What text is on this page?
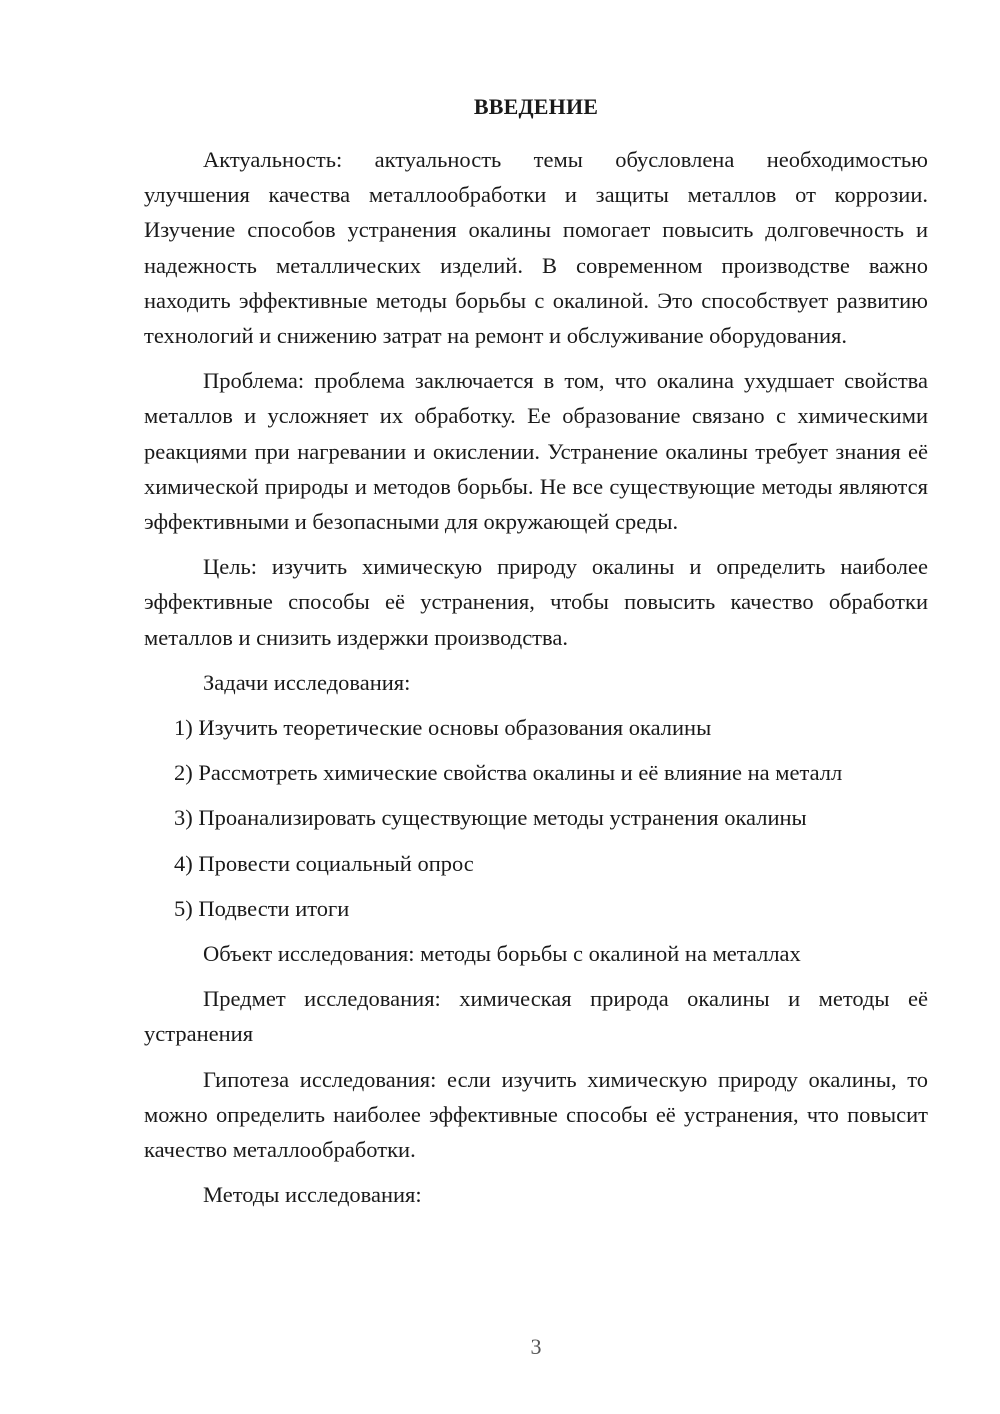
ВВЕДЕНИЕ

Актуальность: актуальность темы обусловлена необходимостью улучшения качества металлообработки и защиты металлов от коррозии. Изучение способов устранения окалины помогает повысить долговечность и надежность металлических изделий. В современном производстве важно находить эффективные методы борьбы с окалиной. Это способствует развитию технологий и снижению затрат на ремонт и обслуживание оборудования.

Проблема: проблема заключается в том, что окалина ухудшает свойства металлов и усложняет их обработку. Ее образование связано с химическими реакциями при нагревании и окислении. Устранение окалины требует знания её химической природы и методов борьбы. Не все существующие методы являются эффективными и безопасными для окружающей среды.

Цель: изучить химическую природу окалины и определить наиболее эффективные способы её устранения, чтобы повысить качество обработки металлов и снизить издержки производства.

Задачи исследования:

1) Изучить теоретические основы образования окалины

2) Рассмотреть химические свойства окалины и её влияние на металл

3) Проанализировать существующие методы устранения окалины

4) Провести социальный опрос

5) Подвести итоги

Объект исследования: методы борьбы с окалиной на металлах

Предмет исследования: химическая природа окалины и методы её устранения

Гипотеза исследования: если изучить химическую природу окалины, то можно определить наиболее эффективные способы её устранения, что повысит качество металлообработки.

Методы исследования:

3
